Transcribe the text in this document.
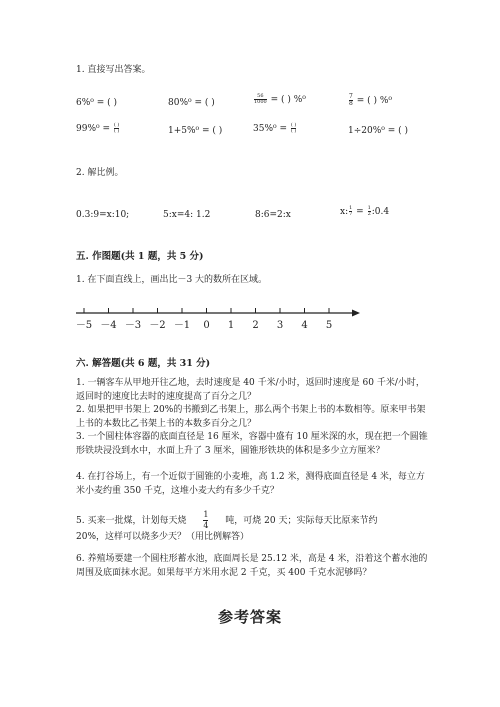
1. 直接写出答案。
6%⁰ = ( )	80%⁰ = ( )	$\frac{56}{1000}$ = ( ) %⁰	$\frac{7}{8}$ = ( ) %⁰
$99\%^0 = \frac{( )}{( )}$	1+5%⁰ = ( )	$35\%^0 = \frac{( )}{( )}$	1÷20%⁰ = ( )
2. 解比例。
0.3:9=x:10;	5:x=4: 1.2	8:6=2:x	x: $\frac{1}{7} = \frac{1}{2}$ :0.4
五. 作图题(共 1 题，共 5 分)
1. 在下面直线上，画出比－3 大的数所在区域。
－5 －4 －3 －2 －1 0 1 2 3 4 5
六. 解答题(共 6 题，共 31 分)
1. 一辆客车从甲地开往乙地，去时速度是 40 千米/小时，返回时速度是 60 千米/小时，返回时的速度比去时的速度提高了百分之几？
2. 如果把甲书架上 20%的书搬到乙书架上，那么两个书架上书的本数相等。原来甲书架上书的本数比乙书架上书的本数多百分之几？
3. 一个圆柱体容器的底面直径是 16 厘米，容器中盛有 10 厘米深的水，现在把一个圆锥形铁块浸没到水中，水面上升了 3 厘米，圆锥形铁块的体积是多少立方厘米？
4. 在打谷场上，有一个近似于圆锥的小麦堆，高 1.2 米，测得底面直径是 4 米，每立方米小麦约重 350 千克，这堆小麦大约有多少千克？
5. 买来一批煤，计划每天烧 $\frac{1}{4}$ 吨，可烧 20 天；实际每天比原来节约
20%，这样可以烧多少天？（用比例解答）
6. 养殖场要建一个圆柱形蓄水池，底面周长是 25.12 米，高是 4 米，沿着这个蓄水池的周围及底面抹水泥。如果每平方米用水泥 2 千克，买 400 千克水泥够吗？
参考答案
